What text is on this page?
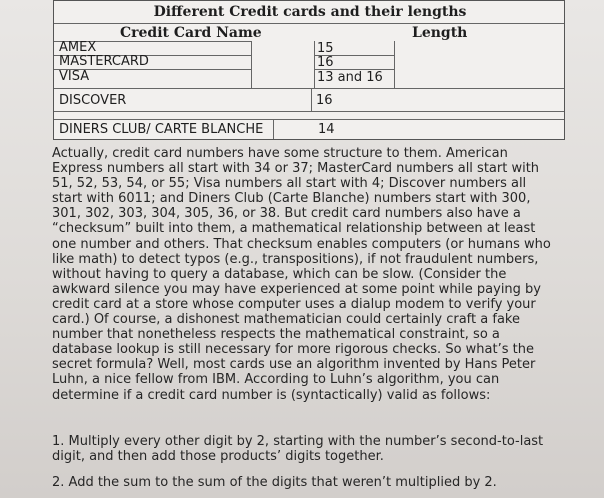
Different Credit cards and their lengths
Credit Card Name	Length
AMEX	15
MASTERCARD	16
VISA	13 and 16
DISCOVER	16
DINERS CLUB/ CARTE BLANCHE	14
Actually, credit card numbers have some structure to them. American Express numbers all start with 34 or 37; MasterCard numbers all start with 51, 52, 53, 54, or 55; Visa numbers all start with 4; Discover numbers all start with 6011; and Diners Club (Carte Blanche) numbers start with 300, 301, 302, 303, 304, 305, 36, or 38. But credit card numbers also have a “checksum” built into them, a mathematical relationship between at least one number and others. That checksum enables computers (or humans who like math) to detect typos (e.g., transpositions), if not fraudulent numbers, without having to query a database, which can be slow. (Consider the awkward silence you may have experienced at some point while paying by credit card at a store whose computer uses a dialup modem to verify your card.) Of course, a dishonest mathematician could certainly craft a fake number that nonetheless respects the mathematical constraint, so a database lookup is still necessary for more rigorous checks. So what’s the secret formula? Well, most cards use an algorithm invented by Hans Peter Luhn, a nice fellow from IBM. According to Luhn’s algorithm, you can determine if a credit card number is (syntactically) valid as follows:
1. Multiply every other digit by 2, starting with the number’s second-to-last digit, and then add those products’ digits together.
2. Add the sum to the sum of the digits that weren’t multiplied by 2.
